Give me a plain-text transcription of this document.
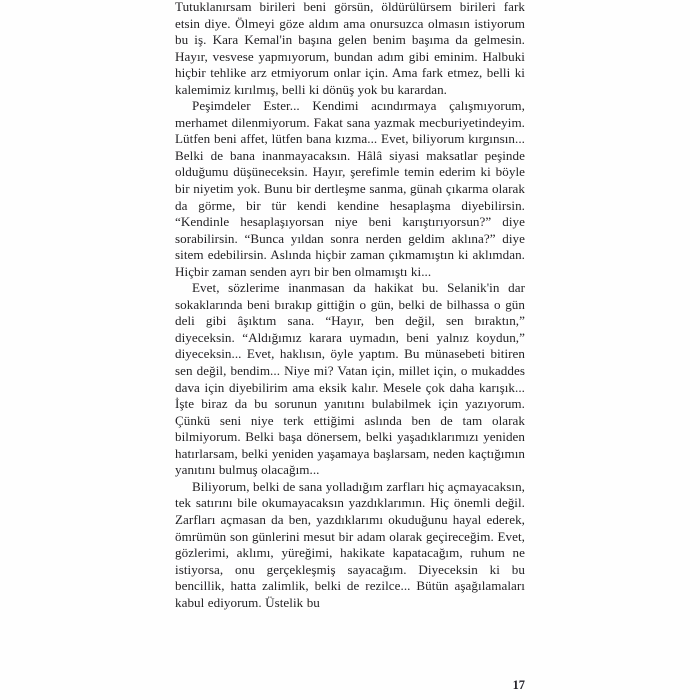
Tutuklanırsam birileri beni görsün, öldürülürsem birileri fark etsin diye. Ölmeyi göze aldım ama onursuzca olmasın istiyorum bu iş. Kara Kemal'in başına gelen benim başıma da gelmesin. Hayır, vesvese yapmıyorum, bundan adım gibi eminim. Halbuki hiçbir tehlike arz etmiyorum onlar için. Ama fark etmez, belli ki kalemimiz kırılmış, belli ki dönüş yok bu karardan.

Peşimdeler Ester... Kendimi acındırmaya çalışmıyorum, merhamet dilenmiyorum. Fakat sana yazmak mecburiyetindeyim. Lütfen beni affet, lütfen bana kızma... Evet, biliyorum kırgınsın... Belki de bana inanmayacaksın. Hâlâ siyasi maksatlar peşinde olduğumu düşüneceksin. Hayır, şerefimle temin ederim ki böyle bir niyetim yok. Bunu bir dertleşme sanma, günah çıkarma olarak da görme, bir tür kendi kendine hesaplaşma diyebilirsin. “Kendinle hesaplaşıyorsan niye beni karıştırıyorsun?” diye sorabilirsin. “Bunca yıldan sonra nerden geldim aklına?” diye sitem edebilirsin. Aslında hiçbir zaman çıkmamıştın ki aklımdan. Hiçbir zaman senden ayrı bir ben olmamıştı ki...

Evet, sözlerime inanmasan da hakikat bu. Selanik'in dar sokaklarında beni bırakıp gittiğin o gün, belki de bilhassa o gün deli gibi âşıktım sana. “Hayır, ben değil, sen bıraktın,” diyeceksin. “Aldığımız karara uymadın, beni yalnız koydun,” diyeceksin... Evet, haklısın, öyle yaptım. Bu münasebeti bitiren sen değil, bendim... Niye mi? Vatan için, millet için, o mukaddes dava için diyebilirim ama eksik kalır. Mesele çok daha karışık... İşte biraz da bu sorunun yanıtını bulabilmek için yazıyorum. Çünkü seni niye terk ettiğimi aslında ben de tam olarak bilmiyorum. Belki başa dönersem, belki yaşadıklarımızı yeniden hatırlarsam, belki yeniden yaşamaya başlarsam, neden kaçtığımın yanıtını bulmuş olacağım...

Biliyorum, belki de sana yolladığım zarfları hiç açmayacaksın, tek satırını bile okumayacaksın yazdıklarımın. Hiç önemli değil. Zarfları açmasan da ben, yazdıklarımı okuduğunu hayal ederek, ömrümün son günlerini mesut bir adam olarak geçireceğim. Evet, gözlerimi, aklımı, yüreğimi, hakikate kapatacağım, ruhum ne istiyorsa, onu gerçekleşmiş sayacağım. Diyeceksin ki bu bencillik, hatta zalimlik, belki de rezilce... Bütün aşağılamaları kabul ediyorum. Üstelik bu

17
